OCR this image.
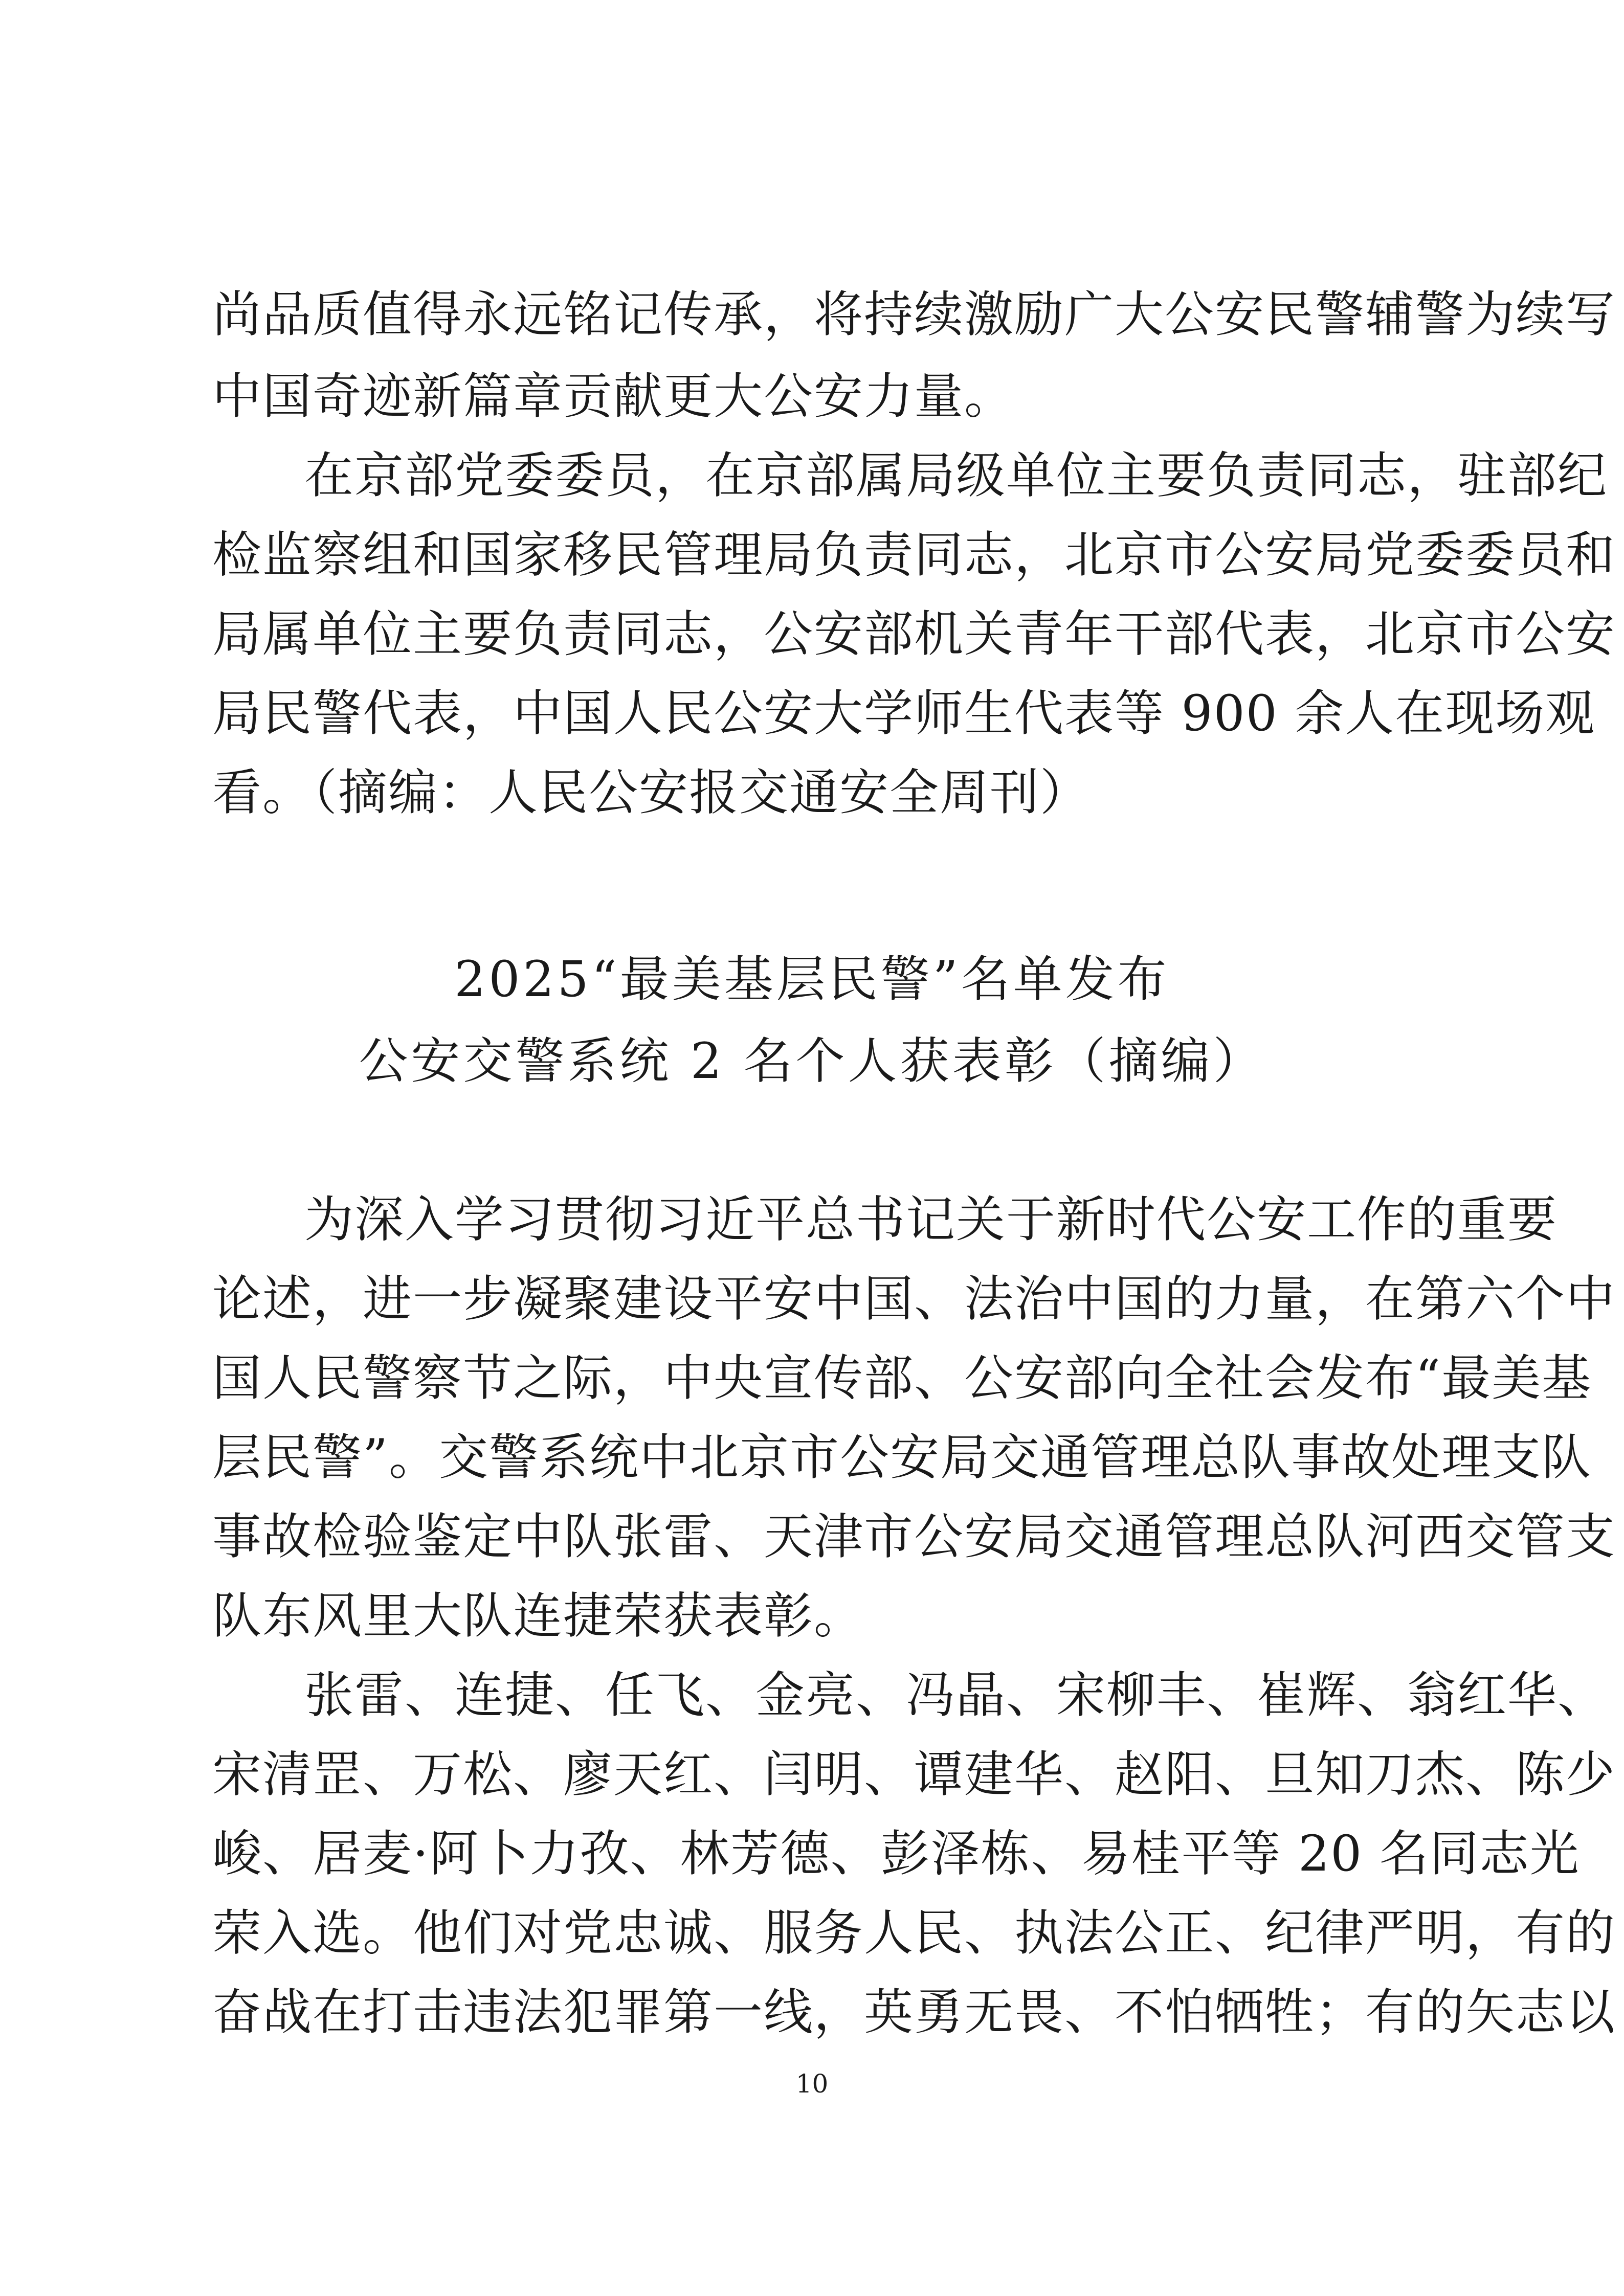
尚品质值得永远铭记传承，将持续激励广大公安民警辅警为续写
中国奇迹新篇章贡献更大公安力量。
在京部党委委员，在京部属局级单位主要负责同志，驻部纪
检监察组和国家移民管理局负责同志，北京市公安局党委委员和
局属单位主要负责同志，公安部机关青年干部代表，北京市公安
局民警代表，中国人民公安大学师生代表等 900 余人在现场观
看。（摘编：人民公安报交通安全周刊）
2025“最美基层民警”名单发布
公安交警系统 2 名个人获表彰（摘编）
为深入学习贯彻习近平总书记关于新时代公安工作的重要
论述，进一步凝聚建设平安中国、法治中国的力量，在第六个中
国人民警察节之际，中央宣传部、公安部向全社会发布“最美基
层民警”。交警系统中北京市公安局交通管理总队事故处理支队
事故检验鉴定中队张雷、天津市公安局交通管理总队河西交管支
队东风里大队连捷荣获表彰。
张雷、连捷、任飞、金亮、冯晶、宋柳丰、崔辉、翁红华、
宋清罡、万松、廖天红、闫明、谭建华、赵阳、旦知刀杰、陈少
峻、居麦·阿卜力孜、林芳德、彭泽栋、易桂平等 20 名同志光
荣入选。他们对党忠诚、服务人民、执法公正、纪律严明，有的
奋战在打击违法犯罪第一线，英勇无畏、不怕牺牲；有的矢志以
10
